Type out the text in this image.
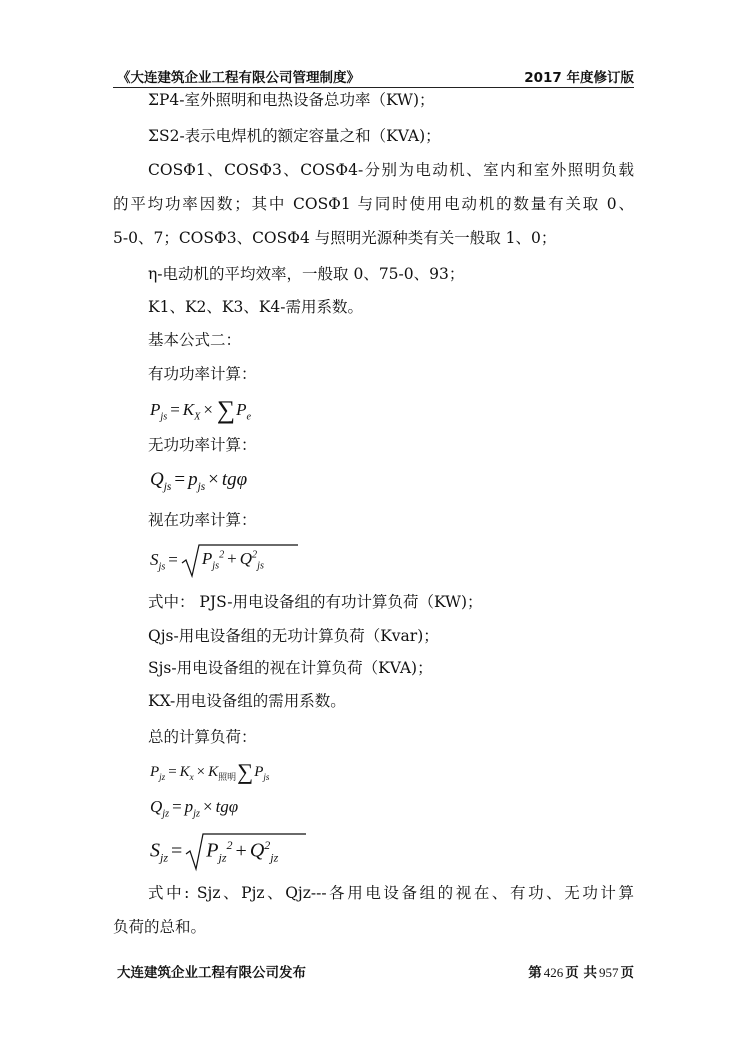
《大连建筑企业工程有限公司管理制度》	2017 年度修订版
ΣP4-室外照明和电热设备总功率（KW)；
ΣS2-表示电焊机的额定容量之和（KVA)；
COSΦ1、COSΦ3、COSΦ4-分别为电动机、室内和室外照明负载
的平均功率因数；其中 COSΦ1 与同时使用电动机的数量有关取 0、
5-0、7；COSΦ3、COSΦ4 与照明光源种类有关一般取 1、0；
η-电动机的平均效率，一般取 0、75-0、93；
K1、K2、K3、K4-需用系数。
基本公式二：
有功功率计算：
$P_{js} = K_X \times \sum P_e$
无功功率计算：
$Q_{js} = p_{js} \times tg\varphi$
视在功率计算：
$S_{js} = P_{js}^2 + Q^2_{js}$
式中： PJS-用电设备组的有功计算负荷（KW)；
Qjs-用电设备组的无功计算负荷（Kvar)；
Sjs-用电设备组的视在计算负荷（KVA)；
KX-用电设备组的需用系数。
总的计算负荷：
$P_{jz} = K_x \times K_{照明}\sum P_{js}$
$Q_{jz} = p_{jz} \times tg\varphi$
$S_{jz} = P_{jz}^2 + Q^2_{jz}$
式中: Sjz、Pjz、Qjz---各用电设备组的视在、有功、无功计算
负荷的总和。
大连建筑企业工程有限公司发布	第 426 页 共 957 页
